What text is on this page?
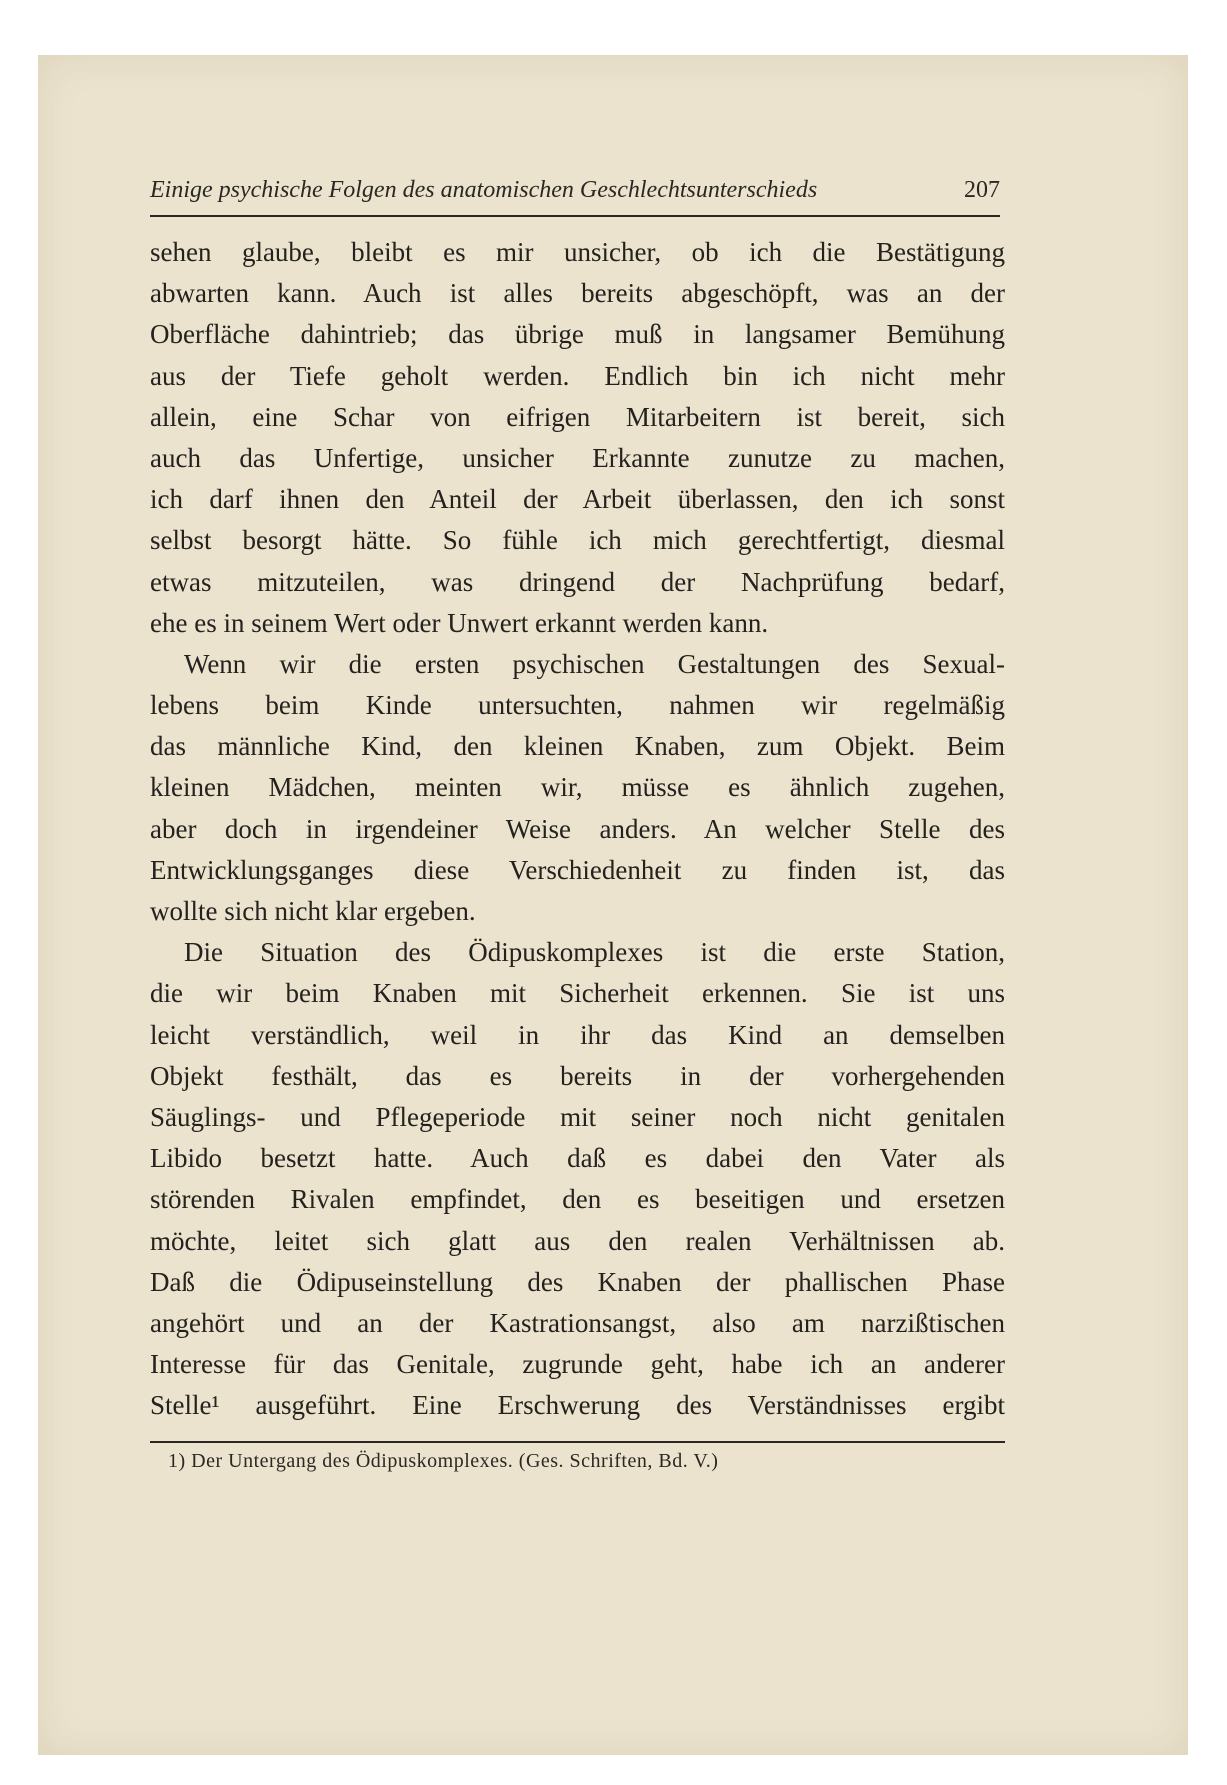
Einige psychische Folgen des anatomischen Geschlechtsunterschieds	207
sehen glaube, bleibt es mir unsicher, ob ich die Bestätigung
abwarten kann. Auch ist alles bereits abgeschöpft, was an der
Oberfläche dahintrieb; das übrige muß in langsamer Bemühung
aus der Tiefe geholt werden. Endlich bin ich nicht mehr
allein, eine Schar von eifrigen Mitarbeitern ist bereit, sich
auch das Unfertige, unsicher Erkannte zunutze zu machen,
ich darf ihnen den Anteil der Arbeit überlassen, den ich sonst
selbst besorgt hätte. So fühle ich mich gerechtfertigt, diesmal
etwas mitzuteilen, was dringend der Nachprüfung bedarf,
ehe es in seinem Wert oder Unwert erkannt werden kann.
Wenn wir die ersten psychischen Gestaltungen des Sexual-
lebens beim Kinde untersuchten, nahmen wir regelmäßig
das männliche Kind, den kleinen Knaben, zum Objekt. Beim
kleinen Mädchen, meinten wir, müsse es ähnlich zugehen,
aber doch in irgendeiner Weise anders. An welcher Stelle des
Entwicklungsganges diese Verschiedenheit zu finden ist, das
wollte sich nicht klar ergeben.
Die Situation des Ödipuskomplexes ist die erste Station,
die wir beim Knaben mit Sicherheit erkennen. Sie ist uns
leicht verständlich, weil in ihr das Kind an demselben
Objekt festhält, das es bereits in der vorhergehenden
Säuglings- und Pflegeperiode mit seiner noch nicht genitalen
Libido besetzt hatte. Auch daß es dabei den Vater als
störenden Rivalen empfindet, den es beseitigen und ersetzen
möchte, leitet sich glatt aus den realen Verhältnissen ab.
Daß die Ödipuseinstellung des Knaben der phallischen Phase
angehört und an der Kastrationsangst, also am narzißtischen
Interesse für das Genitale, zugrunde geht, habe ich an anderer
Stelle¹ ausgeführt. Eine Erschwerung des Verständnisses ergibt
1) Der Untergang des Ödipuskomplexes. (Ges. Schriften, Bd. V.)
